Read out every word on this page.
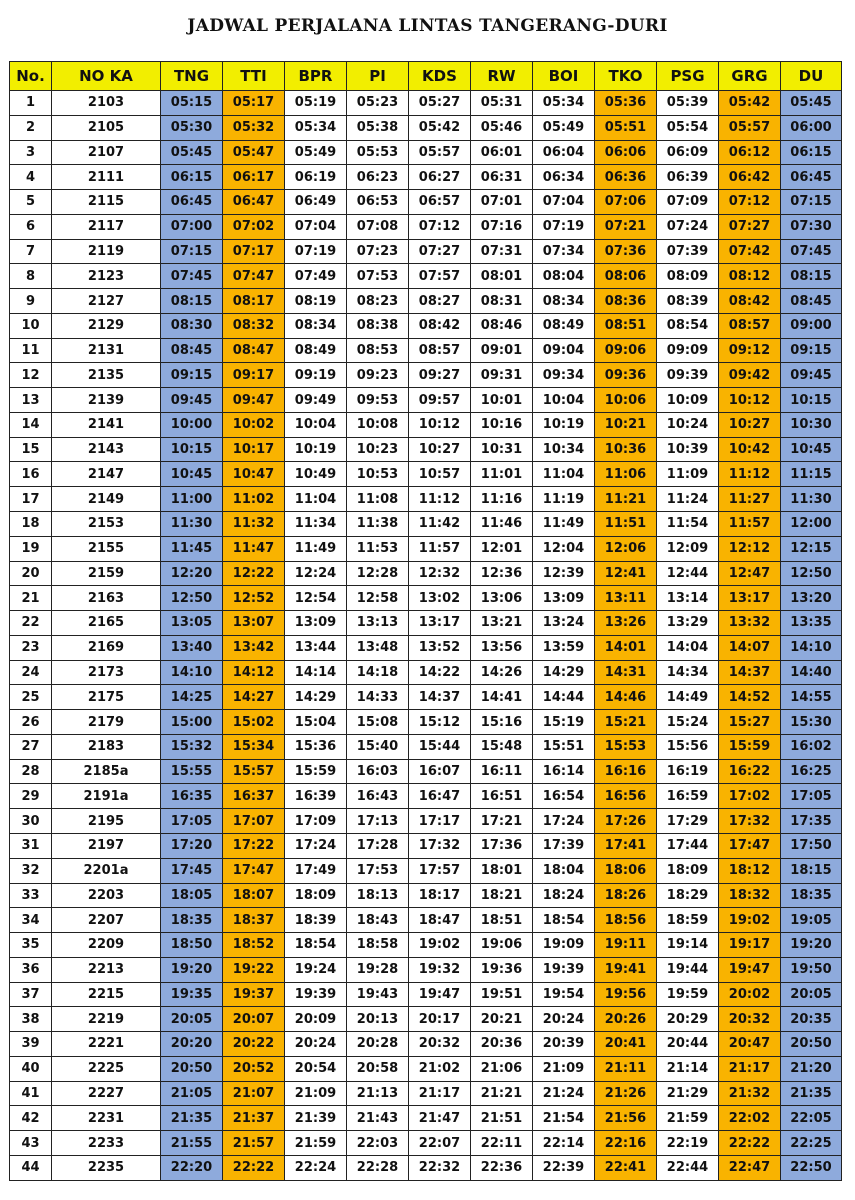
JADWAL PERJALANA LINTAS TANGERANG-DURI
No.	NO KA	TNG	TTI	BPR	PI	KDS	RW	BOI	TKO	PSG	GRG	DU
1	2103	05:15	05:17	05:19	05:23	05:27	05:31	05:34	05:36	05:39	05:42	05:45
2	2105	05:30	05:32	05:34	05:38	05:42	05:46	05:49	05:51	05:54	05:57	06:00
3	2107	05:45	05:47	05:49	05:53	05:57	06:01	06:04	06:06	06:09	06:12	06:15
4	2111	06:15	06:17	06:19	06:23	06:27	06:31	06:34	06:36	06:39	06:42	06:45
5	2115	06:45	06:47	06:49	06:53	06:57	07:01	07:04	07:06	07:09	07:12	07:15
6	2117	07:00	07:02	07:04	07:08	07:12	07:16	07:19	07:21	07:24	07:27	07:30
7	2119	07:15	07:17	07:19	07:23	07:27	07:31	07:34	07:36	07:39	07:42	07:45
8	2123	07:45	07:47	07:49	07:53	07:57	08:01	08:04	08:06	08:09	08:12	08:15
9	2127	08:15	08:17	08:19	08:23	08:27	08:31	08:34	08:36	08:39	08:42	08:45
10	2129	08:30	08:32	08:34	08:38	08:42	08:46	08:49	08:51	08:54	08:57	09:00
11	2131	08:45	08:47	08:49	08:53	08:57	09:01	09:04	09:06	09:09	09:12	09:15
12	2135	09:15	09:17	09:19	09:23	09:27	09:31	09:34	09:36	09:39	09:42	09:45
13	2139	09:45	09:47	09:49	09:53	09:57	10:01	10:04	10:06	10:09	10:12	10:15
14	2141	10:00	10:02	10:04	10:08	10:12	10:16	10:19	10:21	10:24	10:27	10:30
15	2143	10:15	10:17	10:19	10:23	10:27	10:31	10:34	10:36	10:39	10:42	10:45
16	2147	10:45	10:47	10:49	10:53	10:57	11:01	11:04	11:06	11:09	11:12	11:15
17	2149	11:00	11:02	11:04	11:08	11:12	11:16	11:19	11:21	11:24	11:27	11:30
18	2153	11:30	11:32	11:34	11:38	11:42	11:46	11:49	11:51	11:54	11:57	12:00
19	2155	11:45	11:47	11:49	11:53	11:57	12:01	12:04	12:06	12:09	12:12	12:15
20	2159	12:20	12:22	12:24	12:28	12:32	12:36	12:39	12:41	12:44	12:47	12:50
21	2163	12:50	12:52	12:54	12:58	13:02	13:06	13:09	13:11	13:14	13:17	13:20
22	2165	13:05	13:07	13:09	13:13	13:17	13:21	13:24	13:26	13:29	13:32	13:35
23	2169	13:40	13:42	13:44	13:48	13:52	13:56	13:59	14:01	14:04	14:07	14:10
24	2173	14:10	14:12	14:14	14:18	14:22	14:26	14:29	14:31	14:34	14:37	14:40
25	2175	14:25	14:27	14:29	14:33	14:37	14:41	14:44	14:46	14:49	14:52	14:55
26	2179	15:00	15:02	15:04	15:08	15:12	15:16	15:19	15:21	15:24	15:27	15:30
27	2183	15:32	15:34	15:36	15:40	15:44	15:48	15:51	15:53	15:56	15:59	16:02
28	2185a	15:55	15:57	15:59	16:03	16:07	16:11	16:14	16:16	16:19	16:22	16:25
29	2191a	16:35	16:37	16:39	16:43	16:47	16:51	16:54	16:56	16:59	17:02	17:05
30	2195	17:05	17:07	17:09	17:13	17:17	17:21	17:24	17:26	17:29	17:32	17:35
31	2197	17:20	17:22	17:24	17:28	17:32	17:36	17:39	17:41	17:44	17:47	17:50
32	2201a	17:45	17:47	17:49	17:53	17:57	18:01	18:04	18:06	18:09	18:12	18:15
33	2203	18:05	18:07	18:09	18:13	18:17	18:21	18:24	18:26	18:29	18:32	18:35
34	2207	18:35	18:37	18:39	18:43	18:47	18:51	18:54	18:56	18:59	19:02	19:05
35	2209	18:50	18:52	18:54	18:58	19:02	19:06	19:09	19:11	19:14	19:17	19:20
36	2213	19:20	19:22	19:24	19:28	19:32	19:36	19:39	19:41	19:44	19:47	19:50
37	2215	19:35	19:37	19:39	19:43	19:47	19:51	19:54	19:56	19:59	20:02	20:05
38	2219	20:05	20:07	20:09	20:13	20:17	20:21	20:24	20:26	20:29	20:32	20:35
39	2221	20:20	20:22	20:24	20:28	20:32	20:36	20:39	20:41	20:44	20:47	20:50
40	2225	20:50	20:52	20:54	20:58	21:02	21:06	21:09	21:11	21:14	21:17	21:20
41	2227	21:05	21:07	21:09	21:13	21:17	21:21	21:24	21:26	21:29	21:32	21:35
42	2231	21:35	21:37	21:39	21:43	21:47	21:51	21:54	21:56	21:59	22:02	22:05
43	2233	21:55	21:57	21:59	22:03	22:07	22:11	22:14	22:16	22:19	22:22	22:25
44	2235	22:20	22:22	22:24	22:28	22:32	22:36	22:39	22:41	22:44	22:47	22:50
